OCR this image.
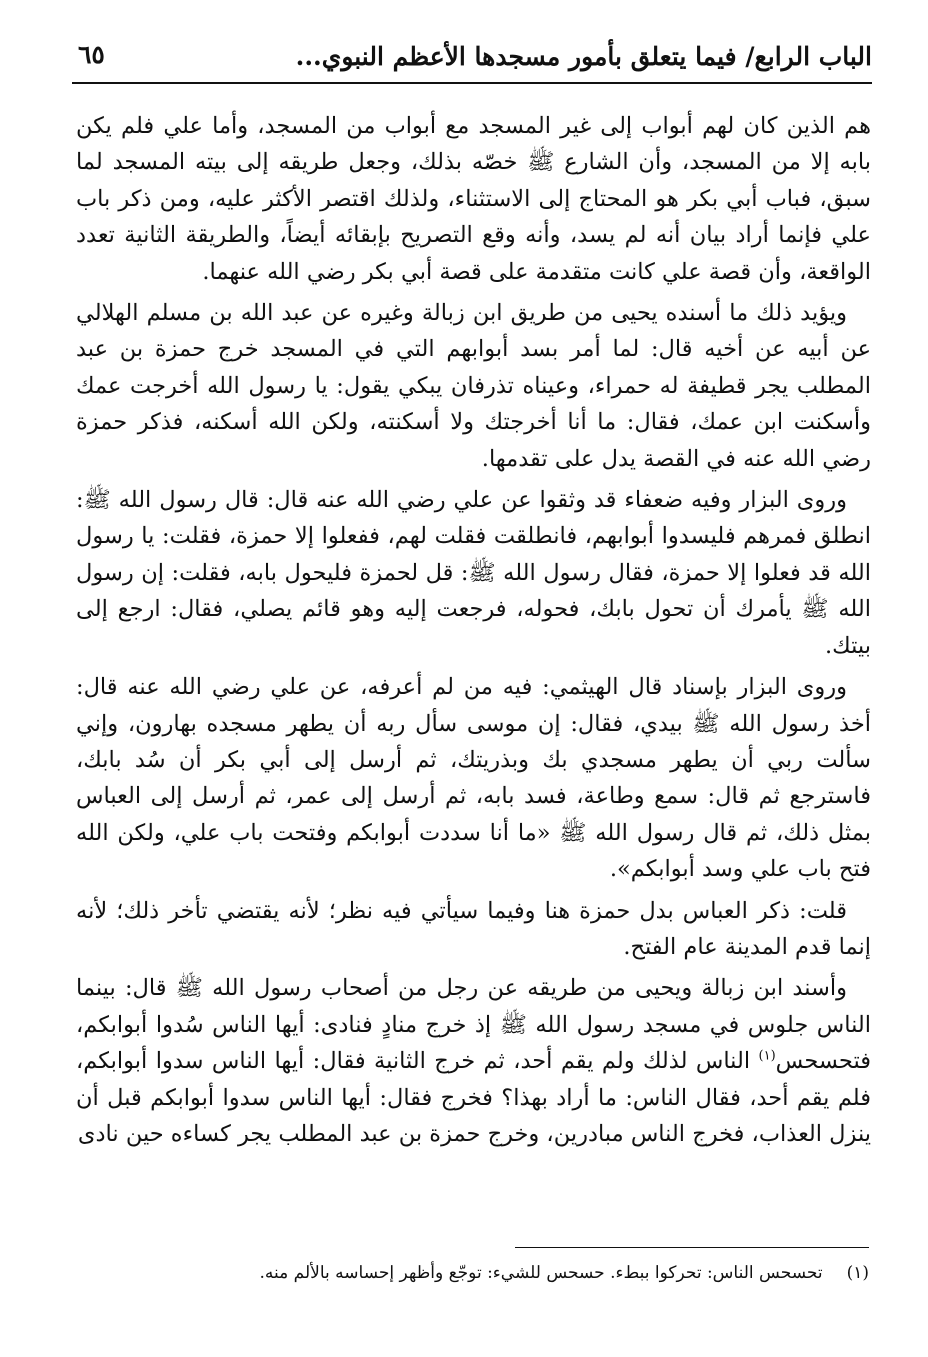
الباب الرابع/ فيما يتعلق بأمور مسجدها الأعظم النبوي...
٦٥

هم الذين كان لهم أبواب إلى غير المسجد مع أبواب من المسجد، وأما علي فلم يكن بابه إلا من المسجد، وأن الشارع ﷺ خصّه بذلك، وجعل طريقه إلى بيته المسجد لما سبق، فباب أبي بكر هو المحتاج إلى الاستثناء، ولذلك اقتصر الأكثر عليه، ومن ذكر باب علي فإنما أراد بيان أنه لم يسد، وأنه وقع التصريح بإبقائه أيضاً، والطريقة الثانية تعدد الواقعة، وأن قصة علي كانت متقدمة على قصة أبي بكر رضي الله عنهما.

ويؤيد ذلك ما أسنده يحيى من طريق ابن زبالة وغيره عن عبد الله بن مسلم الهلالي عن أبيه عن أخيه قال: لما أمر بسد أبوابهم التي في المسجد خرج حمزة بن عبد المطلب يجر قطيفة له حمراء، وعيناه تذرفان يبكي يقول: يا رسول الله أخرجت عمك وأسكنت ابن عمك، فقال: ما أنا أخرجتك ولا أسكنته، ولكن الله أسكنه، فذكر حمزة رضي الله عنه في القصة يدل على تقدمها.

وروى البزار وفيه ضعفاء قد وثقوا عن علي رضي الله عنه قال: قال رسول الله ﷺ: انطلق فمرهم فليسدوا أبوابهم، فانطلقت فقلت لهم، ففعلوا إلا حمزة، فقلت: يا رسول الله قد فعلوا إلا حمزة، فقال رسول الله ﷺ: قل لحمزة فليحول بابه، فقلت: إن رسول الله ﷺ يأمرك أن تحول بابك، فحوله، فرجعت إليه وهو قائم يصلي، فقال: ارجع إلى بيتك.

وروى البزار بإسناد قال الهيثمي: فيه من لم أعرفه، عن علي رضي الله عنه قال: أخذ رسول الله ﷺ بيدي، فقال: إن موسى سأل ربه أن يطهر مسجده بهارون، وإني سألت ربي أن يطهر مسجدي بك وبذريتك، ثم أرسل إلى أبي بكر أن سُد بابك، فاسترجع ثم قال: سمع وطاعة، فسد بابه، ثم أرسل إلى عمر، ثم أرسل إلى العباس بمثل ذلك، ثم قال رسول الله ﷺ «ما أنا سددت أبوابكم وفتحت باب علي، ولكن الله فتح باب علي وسد أبوابكم».

قلت: ذكر العباس بدل حمزة هنا وفيما سيأتي فيه نظر؛ لأنه يقتضي تأخر ذلك؛ لأنه إنما قدم المدينة عام الفتح.

وأسند ابن زبالة ويحيى من طريقه عن رجل من أصحاب رسول الله ﷺ قال: بينما الناس جلوس في مسجد رسول الله ﷺ إذ خرج منادٍ فنادى: أيها الناس سُدوا أبوابكم، فتحسحس$^{(١)}$ الناس لذلك ولم يقم أحد، ثم خرج الثانية فقال: أيها الناس سدوا أبوابكم، فلم يقم أحد، فقال الناس: ما أراد بهذا؟ فخرج فقال: أيها الناس سدوا أبوابكم قبل أن ينزل العذاب، فخرج الناس مبادرين، وخرج حمزة بن عبد المطلب يجر كساءه حين نادى

(١)تحسحس الناس: تحركوا ببطء. حسحس للشيء: توجّع وأظهر إحساسه بالألم منه.
